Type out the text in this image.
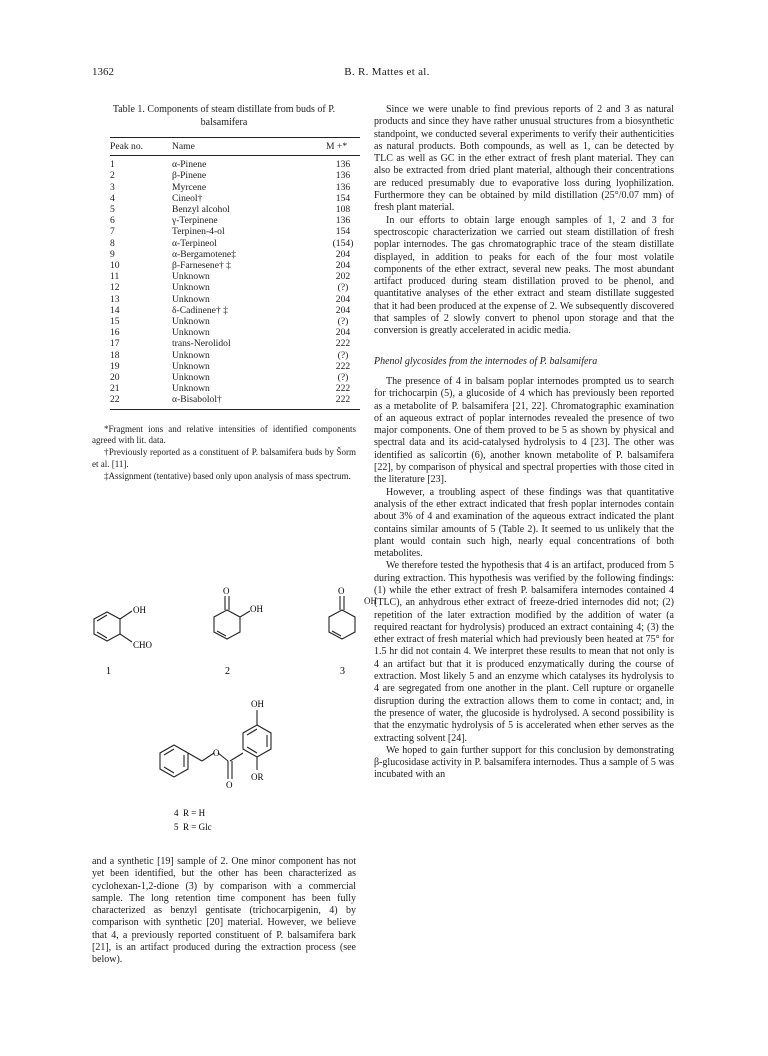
1362	B. R. Mattes et al.
Table 1. Components of steam distillate from buds of P. balsamifera
Peak no.	Name	M +*
1	α-Pinene	136
2	β-Pinene	136
3	Myrcene	136
4	Cineol†	154
5	Benzyl alcohol	108
6	γ-Terpinene	136
7	Terpinen-4-ol	154
8	α-Terpineol	(154)
9	α-Bergamotene‡	204
10	β-Farnesene† ‡	204
11	Unknown	202
12	Unknown	(?)
13	Unknown	204
14	δ-Cadinene† ‡	204
15	Unknown	(?)
16	Unknown	204
17	trans-Nerolidol	222
18	Unknown	(?)
19	Unknown	222
20	Unknown	(?)
21	Unknown	222
22	α-Bisabolol†	222

*Fragment ions and relative intensities of identified components agreed with lit. data.

†Previously reported as a constituent of P. balsamifera buds by Šorm et al. [11].

‡Assignment (tentative) based only upon analysis of mass spectrum.

OH
CHO
1
O
OH
2
O
3
OH
O
O
OH
OR
4  R = H
5  R = Glc
and a synthetic [19] sample of 2. One minor component has not yet been identified, but the other has been characterized as cyclohexan-1,2-dione (3) by comparison with a commercial sample. The long retention time component has been fully characterized as benzyl gentisate (trichocarpigenin, 4) by comparison with synthetic [20] material. However, we believe that 4, a previously reported constituent of P. balsamifera bark [21], is an artifact produced during the extraction process (see below).

Since we were unable to find previous reports of 2 and 3 as natural products and since they have rather unusual structures from a biosynthetic standpoint, we conducted several experiments to verify their authenticities as natural products. Both compounds, as well as 1, can be detected by TLC as well as GC in the ether extract of fresh plant material. They can also be extracted from dried plant material, although their concentrations are reduced presumably due to evaporative loss during lyophilization. Furthermore they can be obtained by mild distillation (25°/0.07 mm) of fresh plant material.

In our efforts to obtain large enough samples of 1, 2 and 3 for spectroscopic characterization we carried out steam distillation of fresh poplar internodes. The gas chromatographic trace of the steam distillate displayed, in addition to peaks for each of the four most volatile components of the ether extract, several new peaks. The most abundant artifact produced during steam distillation proved to be phenol, and quantitative analyses of the ether extract and steam distillate suggested that it had been produced at the expense of 2. We subsequently discovered that samples of 2 slowly convert to phenol upon storage and that the conversion is greatly accelerated in acidic media.

Phenol glycosides from the internodes of P. balsamifera

The presence of 4 in balsam poplar internodes prompted us to search for trichocarpin (5), a glucoside of 4 which has previously been reported as a metabolite of P. balsamifera [21, 22]. Chromatographic examination of an aqueous extract of poplar internodes revealed the presence of two major components. One of them proved to be 5 as shown by physical and spectral data and its acid-catalysed hydrolysis to 4 [23]. The other was identified as salicortin (6), another known metabolite of P. balsamifera [22], by comparison of physical and spectral properties with those cited in the literature [23].

However, a troubling aspect of these findings was that quantitative analysis of the ether extract indicated that fresh poplar internodes contain about 3% of 4 and examination of the aqueous extract indicated the plant contains similar amounts of 5 (Table 2). It seemed to us unlikely that the plant would contain such high, nearly equal concentrations of both metabolites.

We therefore tested the hypothesis that 4 is an artifact, produced from 5 during extraction. This hypothesis was verified by the following findings: (1) while the ether extract of fresh P. balsamifera internodes contained 4 (TLC), an anhydrous ether extract of freeze-dried internodes did not; (2) repetition of the later extraction modified by the addition of water (a required reactant for hydrolysis) produced an extract containing 4; (3) the ether extract of fresh material which had previously been heated at 75° for 1.5 hr did not contain 4. We interpret these results to mean that not only is 4 an artifact but that it is produced enzymatically during the course of extraction. Most likely 5 and an enzyme which catalyses its hydrolysis to 4 are segregated from one another in the plant. Cell rupture or organelle disruption during the extraction allows them to come in contact; and, in the presence of water, the glucoside is hydrolysed. A second possibility is that the enzymatic hydrolysis of 5 is accelerated when ether serves as the extracting solvent [24].

We hoped to gain further support for this conclusion by demonstrating β-glucosidase activity in P. balsamifera internodes. Thus a sample of 5 was incubated with an
